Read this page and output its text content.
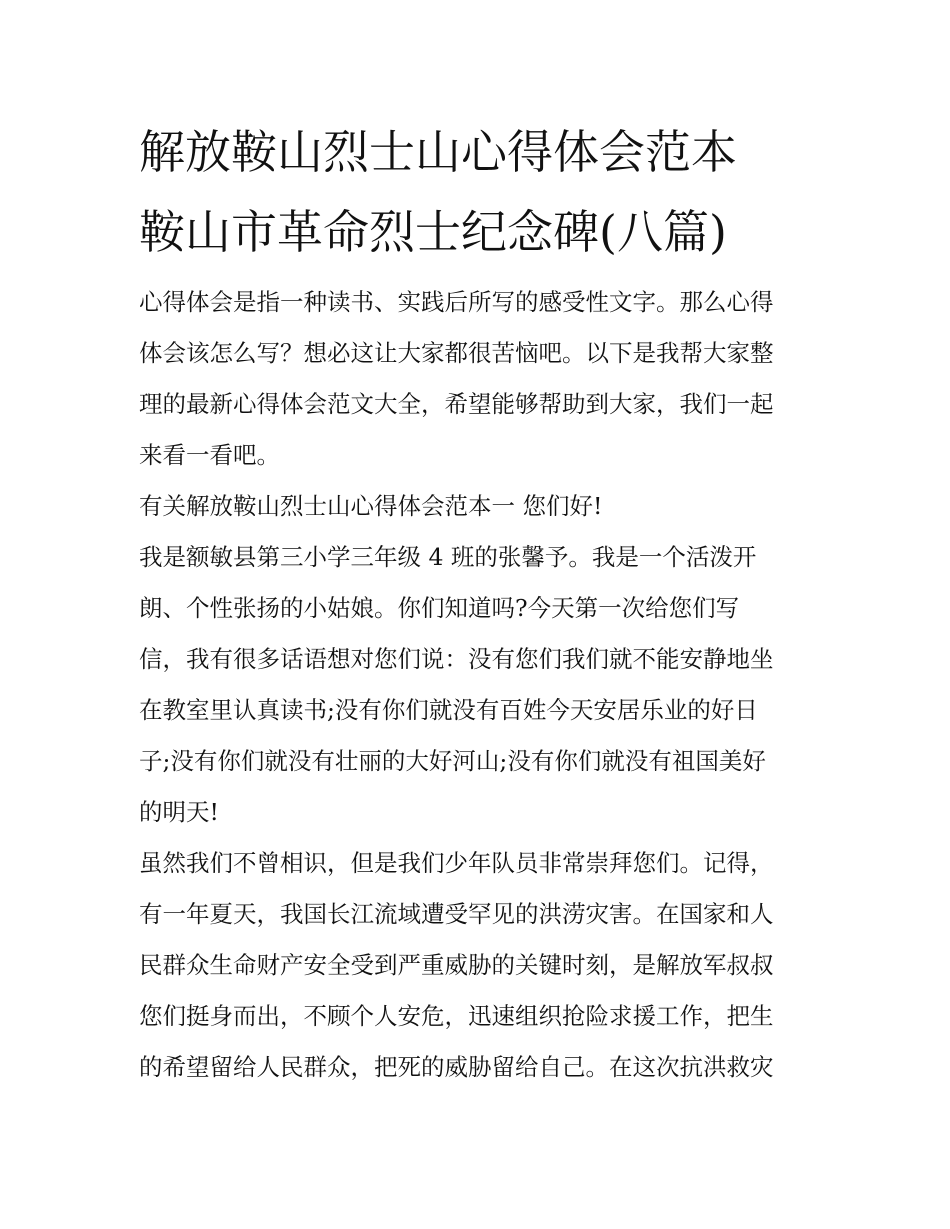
解放鞍山烈士山心得体会范本
鞍山市革命烈士纪念碑(八篇)
心得体会是指一种读书、实践后所写的感受性文字。那么心得
体会该怎么写？想必这让大家都很苦恼吧。以下是我帮大家整
理的最新心得体会范文大全，希望能够帮助到大家，我们一起
来看一看吧。
有关解放鞍山烈士山心得体会范本一 您们好!
我是额敏县第三小学三年级 4 班的张馨予。我是一个活泼开
朗、个性张扬的小姑娘。你们知道吗?今天第一次给您们写
信，我有很多话语想对您们说：没有您们我们就不能安静地坐
在教室里认真读书;没有你们就没有百姓今天安居乐业的好日
子;没有你们就没有壮丽的大好河山;没有你们就没有祖国美好
的明天!
虽然我们不曾相识，但是我们少年队员非常崇拜您们。记得，
有一年夏天，我国长江流域遭受罕见的洪涝灾害。在国家和人
民群众生命财产安全受到严重威胁的关键时刻，是解放军叔叔
您们挺身而出，不顾个人安危，迅速组织抢险求援工作，把生
的希望留给人民群众，把死的威胁留给自己。在这次抗洪救灾
